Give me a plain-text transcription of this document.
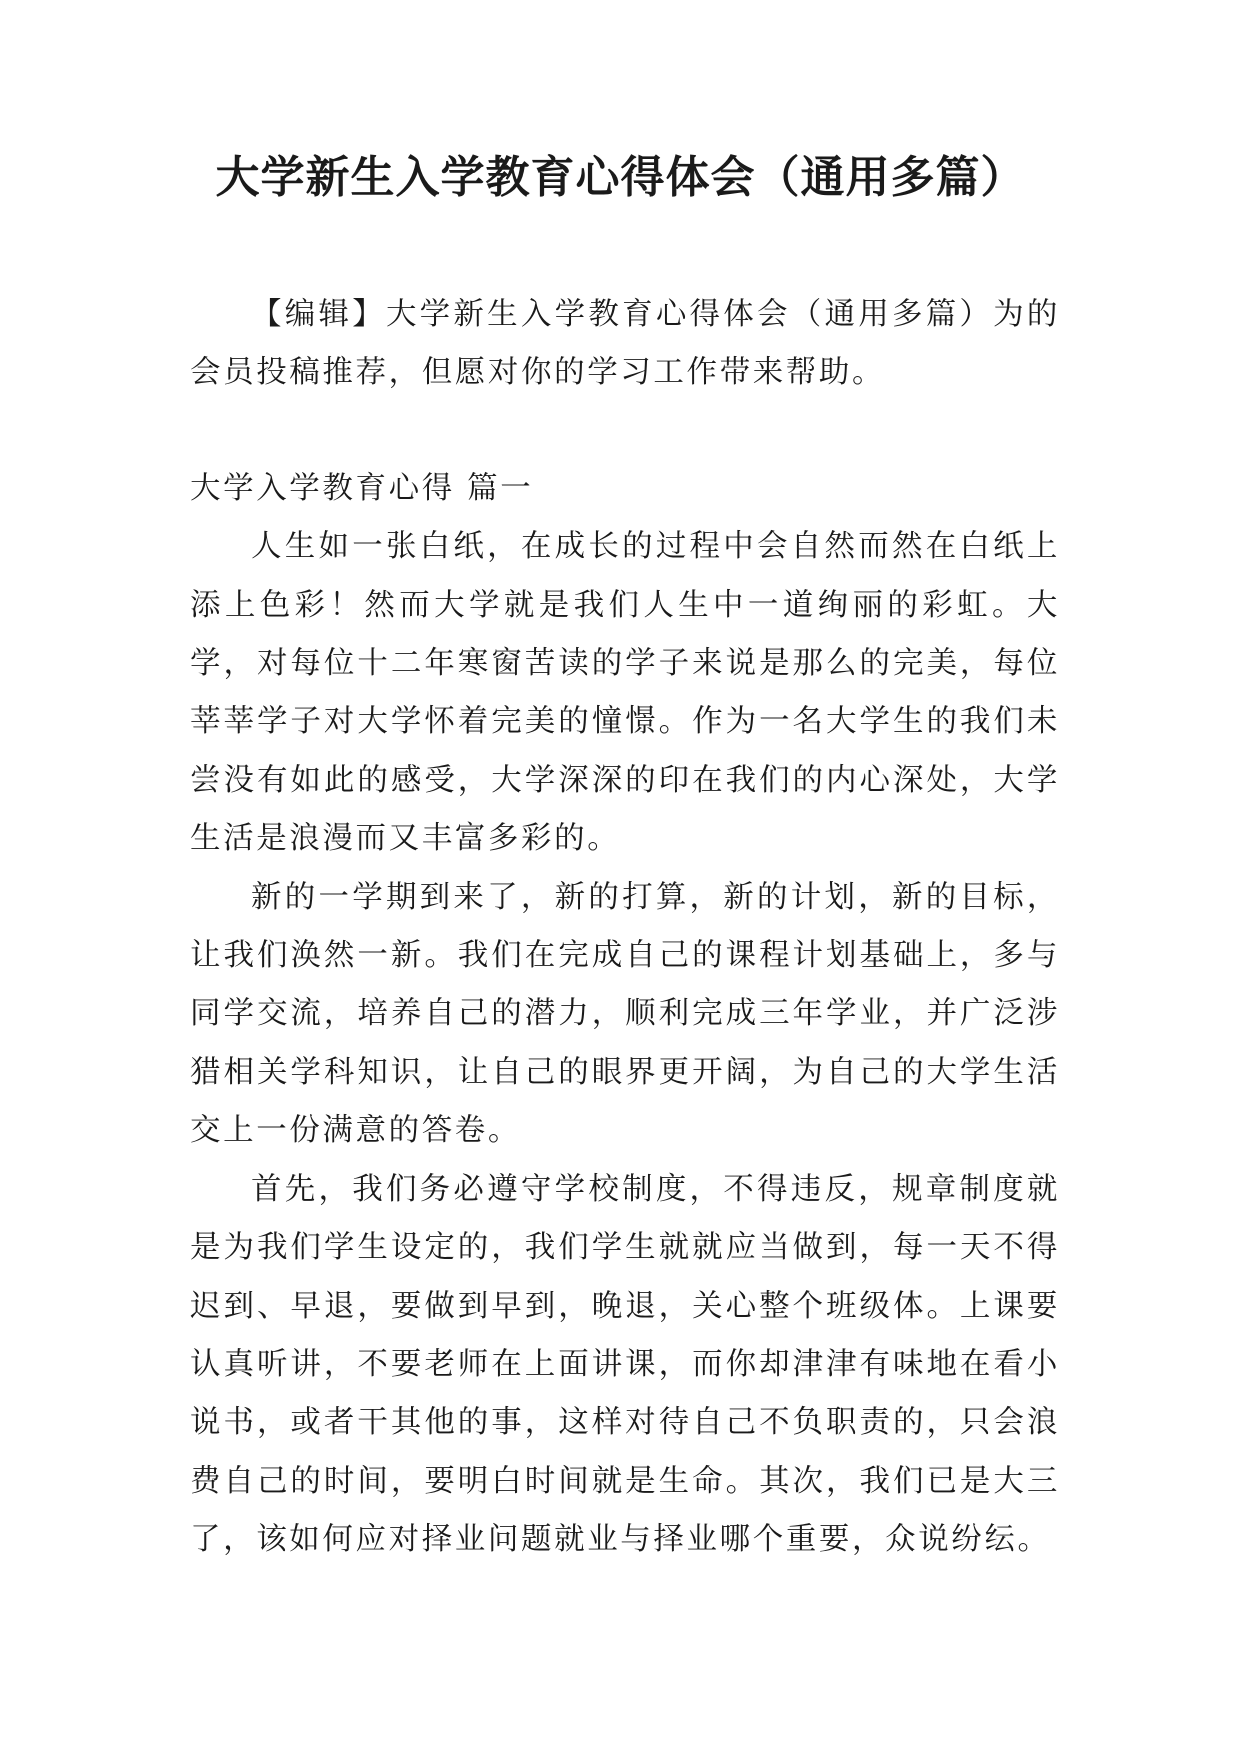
大学新生入学教育心得体会（通用多篇）

【编辑】大学新生入学教育心得体会（通用多篇）为的会员投稿推荐，但愿对你的学习工作带来帮助。

大学入学教育心得 篇一

人生如一张白纸，在成长的过程中会自然而然在白纸上添上色彩！然而大学就是我们人生中一道绚丽的彩虹。大学，对每位十二年寒窗苦读的学子来说是那么的完美，每位莘莘学子对大学怀着完美的憧憬。作为一名大学生的我们未尝没有如此的感受，大学深深的印在我们的内心深处，大学生活是浪漫而又丰富多彩的。

新的一学期到来了，新的打算，新的计划，新的目标，让我们涣然一新。我们在完成自己的课程计划基础上，多与同学交流，培养自己的潜力，顺利完成三年学业，并广泛涉猎相关学科知识，让自己的眼界更开阔，为自己的大学生活交上一份满意的答卷。

首先，我们务必遵守学校制度，不得违反，规章制度就是为我们学生设定的，我们学生就就应当做到，每一天不得迟到、早退，要做到早到，晚退，关心整个班级体。上课要认真听讲，不要老师在上面讲课，而你却津津有味地在看小说书，或者干其他的事，这样对待自己不负职责的，只会浪费自己的时间，要明白时间就是生命。其次，我们已是大三了，该如何应对择业问题就业与择业哪个重要，众说纷纭。
